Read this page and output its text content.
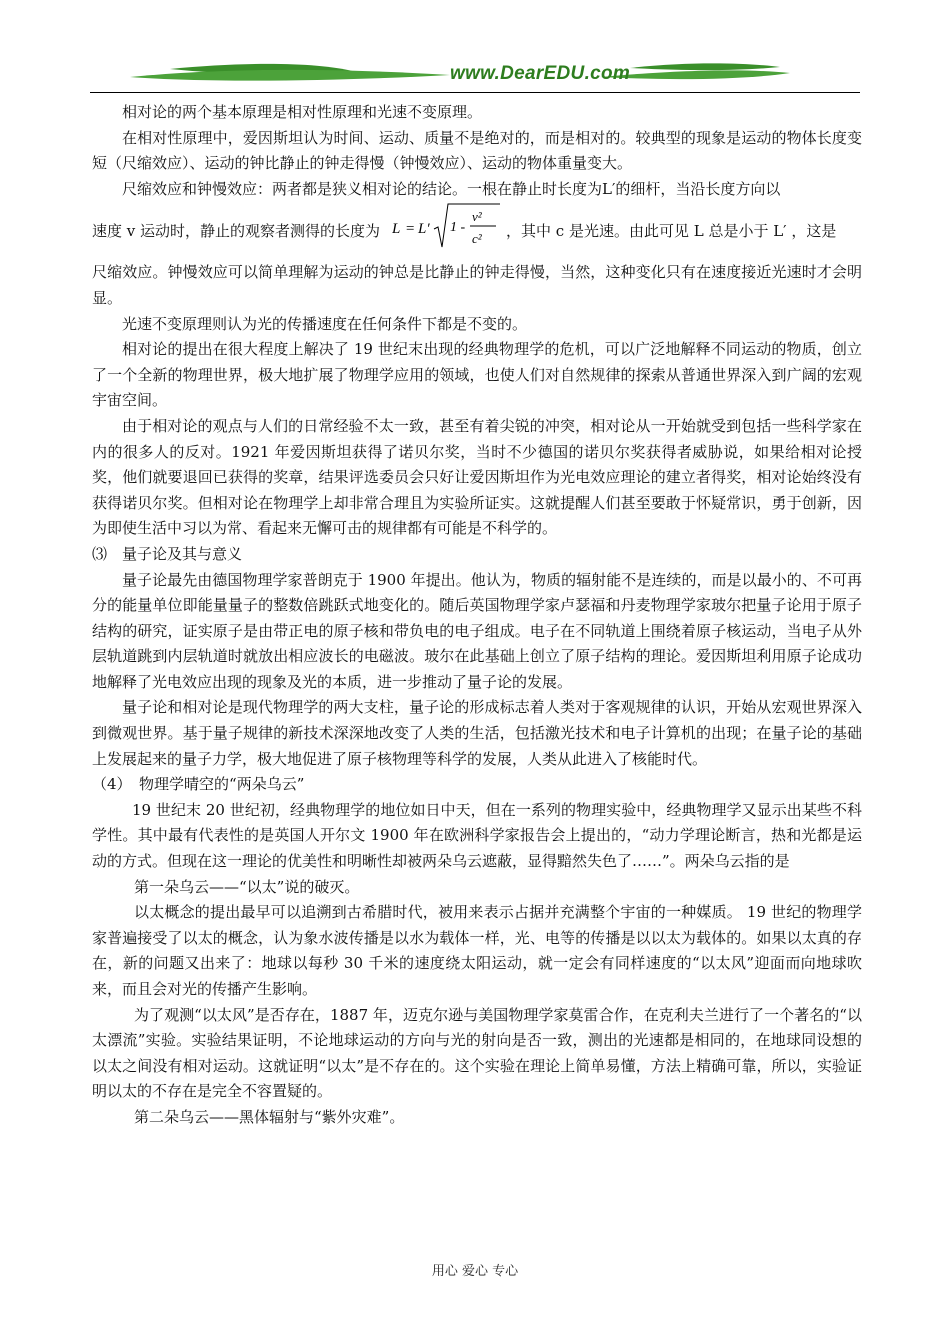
www.DearEDU.com

相对论的两个基本原理是相对性原理和光速不变原理。

在相对性原理中，爱因斯坦认为时间、运动、质量不是绝对的，而是相对的。较典型的现象是运动的物体长度变短（尺缩效应）、运动的钟比静止的钟走得慢（钟慢效应）、运动的物体重量变大。

尺缩效应和钟慢效应：两者都是狭义相对论的结论。一根在静止时长度为L′的细杆，当沿长度方向以

速度 v 运动时，静止的观察者测得的长度为 L = L′ 1 -
v²
c² ，其中 c 是光速。由此可见 L 总是小于 L′ ，这是

尺缩效应。钟慢效应可以简单理解为运动的钟总是比静止的钟走得慢，当然，这种变化只有在速度接近光速时才会明显。

光速不变原理则认为光的传播速度在任何条件下都是不变的。

相对论的提出在很大程度上解决了 19 世纪末出现的经典物理学的危机，可以广泛地解释不同运动的物质，创立了一个全新的物理世界，极大地扩展了物理学应用的领域，也使人们对自然规律的探索从普通世界深入到广阔的宏观宇宙空间。

由于相对论的观点与人们的日常经验不太一致，甚至有着尖锐的冲突，相对论从一开始就受到包括一些科学家在内的很多人的反对。1921 年爱因斯坦获得了诺贝尔奖，当时不少德国的诺贝尔奖获得者威胁说，如果给相对论授奖，他们就要退回已获得的奖章，结果评选委员会只好让爱因斯坦作为光电效应理论的建立者得奖，相对论始终没有获得诺贝尔奖。但相对论在物理学上却非常合理且为实验所证实。这就提醒人们甚至要敢于怀疑常识，勇于创新，因为即使生活中习以为常、看起来无懈可击的规律都有可能是不科学的。

⑶　量子论及其与意义

量子论最先由德国物理学家普朗克于 1900 年提出。他认为，物质的辐射能不是连续的，而是以最小的、不可再分的能量单位即能量量子的整数倍跳跃式地变化的。随后英国物理学家卢瑟福和丹麦物理学家玻尔把量子论用于原子结构的研究，证实原子是由带正电的原子核和带负电的电子组成。电子在不同轨道上围绕着原子核运动，当电子从外层轨道跳到内层轨道时就放出相应波长的电磁波。玻尔在此基础上创立了原子结构的理论。爱因斯坦利用原子论成功地解释了光电效应出现的现象及光的本质，进一步推动了量子论的发展。

量子论和相对论是现代物理学的两大支柱，量子论的形成标志着人类对于客观规律的认识，开始从宏观世界深入到微观世界。基于量子规律的新技术深深地改变了人类的生活，包括激光技术和电子计算机的出现；在量子论的基础上发展起来的量子力学，极大地促进了原子核物理等科学的发展，人类从此进入了核能时代。

（4）　物理学晴空的“两朵乌云”

19 世纪末 20 世纪初，经典物理学的地位如日中天，但在一系列的物理实验中，经典物理学又显示出某些不科学性。其中最有代表性的是英国人开尔文 1900 年在欧洲科学家报告会上提出的，“动力学理论断言，热和光都是运动的方式。但现在这一理论的优美性和明晰性却被两朵乌云遮蔽，显得黯然失色了……”。两朵乌云指的是

第一朵乌云——“以太”说的破灭。

以太概念的提出最早可以追溯到古希腊时代，被用来表示占据并充满整个宇宙的一种媒质。 19 世纪的物理学家普遍接受了以太的概念，认为象水波传播是以水为载体一样，光、电等的传播是以以太为载体的。如果以太真的存在，新的问题又出来了：地球以每秒 30 千米的速度绕太阳运动，就一定会有同样速度的“以太风”迎面而向地球吹来，而且会对光的传播产生影响。

为了观测“以太风”是否存在，1887 年，迈克尔逊与美国物理学家莫雷合作，在克利夫兰进行了一个著名的“以太漂流”实验。实验结果证明，不论地球运动的方向与光的射向是否一致，测出的光速都是相同的，在地球同设想的以太之间没有相对运动。这就证明“以太”是不存在的。这个实验在理论上简单易懂，方法上精确可靠，所以，实验证明以太的不存在是完全不容置疑的。

第二朵乌云——黑体辐射与“紫外灾难”。

用心 爱心 专心
